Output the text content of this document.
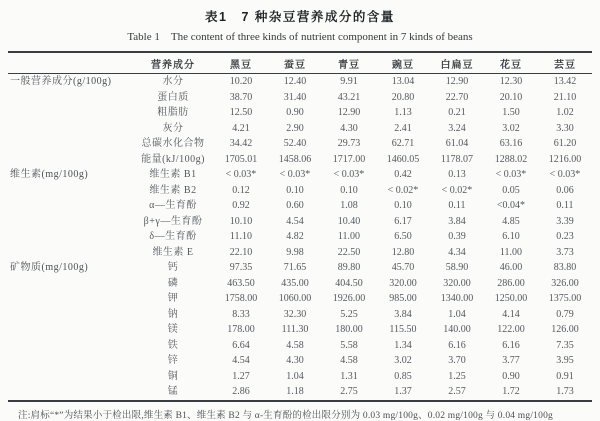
表1　7 种杂豆营养成分的含量
Table 1　The content of three kinds of nutrient component in 7 kinds of beans
	营养成分	黑豆	蚕豆	青豆	豌豆	白扁豆	花豆	芸豆
一般营养成分(g/100g)	水分	10.20	12.40	9.91	13.04	12.90	12.30	13.42
	蛋白质	38.70	31.40	43.21	20.80	22.70	20.10	21.10
	粗脂肪	12.50	0.90	12.90	1.13	0.21	1.50	1.02
	灰分	4.21	2.90	4.30	2.41	3.24	3.02	3.30
	总碳水化合物	34.42	52.40	29.73	62.71	61.04	63.16	61.20
	能量(kJ/100g)	1705.01	1458.06	1717.00	1460.05	1178.07	1288.02	1216.00
维生素(mg/100g)	维生素 B1	< 0.03*	< 0.03*	< 0.03*	0.42	0.13	< 0.03*	< 0.03*
	维生素 B2	0.12	0.10	0.10	< 0.02*	< 0.02*	0.05	0.06
	α—生育酚	0.92	0.60	1.08	0.10	0.11	<0.04*	0.11
	β+γ—生育酚	10.10	4.54	10.40	6.17	3.84	4.85	3.39
	δ—生育酚	11.10	4.82	11.00	6.50	0.39	6.10	0.23
	维生素 E	22.10	9.98	22.50	12.80	4.34	11.00	3.73
矿物质(mg/100g)	钙	97.35	71.65	89.80	45.70	58.90	46.00	83.80
	磷	463.50	435.00	404.50	320.00	320.00	286.00	326.00
	钾	1758.00	1060.00	1926.00	985.00	1340.00	1250.00	1375.00
	钠	8.33	32.30	5.25	3.84	1.04	4.14	0.79
	镁	178.00	111.30	180.00	115.50	140.00	122.00	126.00
	铁	6.64	4.58	5.58	1.34	6.16	6.16	7.35
	锌	4.54	4.30	4.58	3.02	3.70	3.77	3.95
	铜	1.27	1.04	1.31	0.85	1.25	0.90	0.91
	锰	2.86	1.18	2.75	1.37	2.57	1.72	1.73
注:肩标“*”为结果小于检出限,维生素 B1、维生素 B2 与 α-生育酚的检出限分别为 0.03 mg/100g、0.02 mg/100g 与 0.04 mg/100g
